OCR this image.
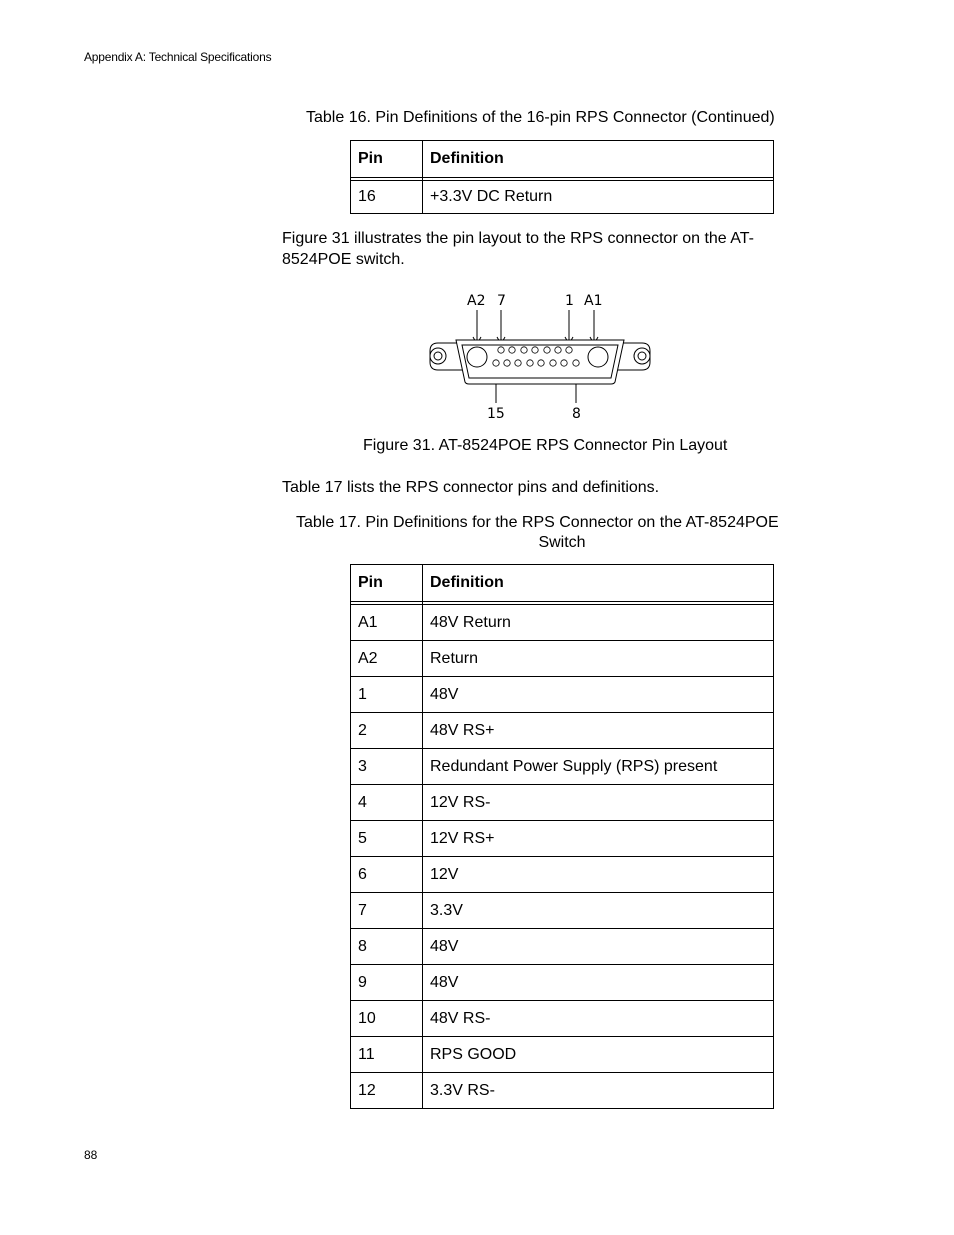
Appendix A: Technical Specifications
Table 16. Pin Definitions of the 16-pin RPS Connector (Continued)
Pin	Definition

16	+3.3V DC Return
Figure 31 illustrates the pin layout to the RPS connector on the AT-8524POE switch.
A2 7	1 A1
15	8
Figure 31. AT-8524POE RPS Connector Pin Layout
Table 17 lists the RPS connector pins and definitions.
Table 17. Pin Definitions for the RPS Connector on the AT-8524POE
Switch
Pin	Definition

A1	48V Return
A2	Return
1	48V
2	48V RS+
3	Redundant Power Supply (RPS) present
4	12V RS-
5	12V RS+
6	12V
7	3.3V
8	48V
9	48V
10	48V RS-
11	RPS GOOD
12	3.3V RS-
88
